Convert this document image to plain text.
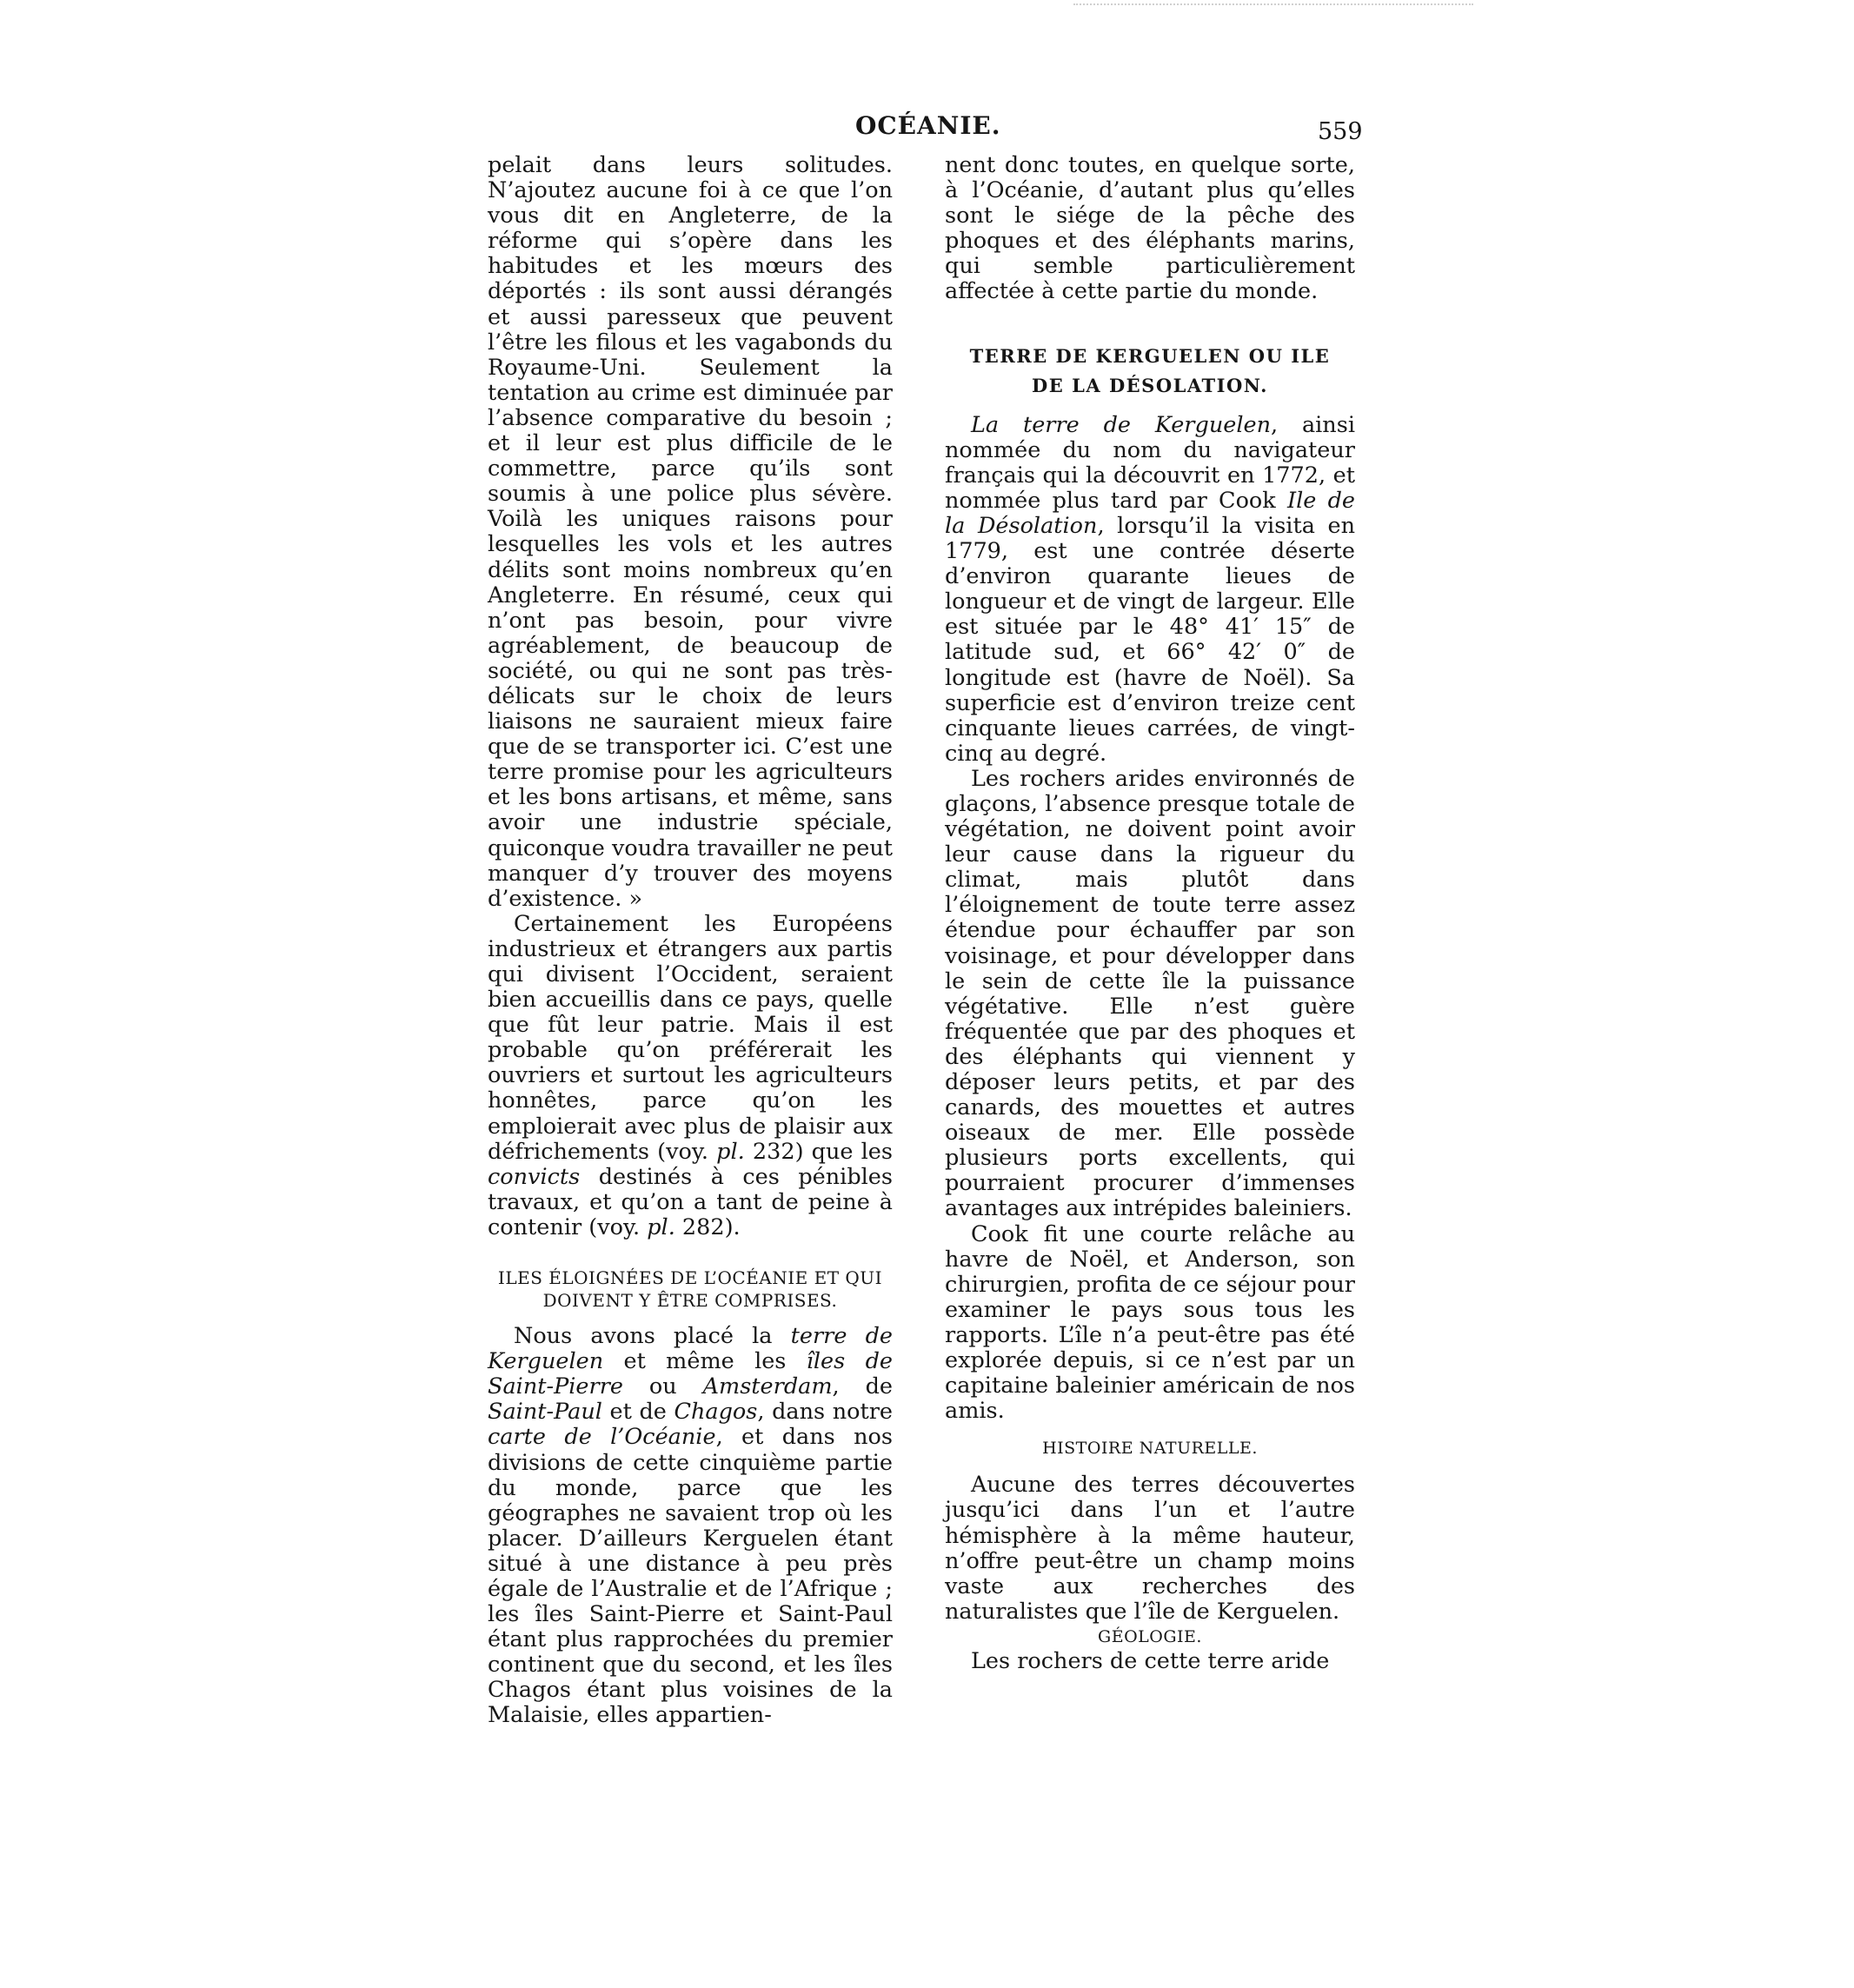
OCÉANIE.	559

pelait dans leurs solitudes. N’ajoutez aucune foi à ce que l’on vous dit en Angleterre, de la réforme qui s’opère dans les habitudes et les mœurs des déportés : ils sont aussi dérangés et aussi paresseux que peuvent l’être les filous et les vagabonds du Royaume-Uni. Seulement la tentation au crime est diminuée par l’absence comparative du besoin ; et il leur est plus difficile de le commettre, parce qu’ils sont soumis à une police plus sévère. Voilà les uniques raisons pour lesquelles les vols et les autres délits sont moins nombreux qu’en Angleterre. En résumé, ceux qui n’ont pas besoin, pour vivre agréablement, de beaucoup de société, ou qui ne sont pas très-délicats sur le choix de leurs liaisons ne sauraient mieux faire que de se transporter ici. C’est une terre promise pour les agriculteurs et les bons artisans, et même, sans avoir une industrie spéciale, quiconque voudra travailler ne peut manquer d’y trouver des moyens d’existence. »

Certainement les Européens industrieux et étrangers aux partis qui divisent l’Occident, seraient bien accueillis dans ce pays, quelle que fût leur patrie. Mais il est probable qu’on préférerait les ouvriers et surtout les agriculteurs honnêtes, parce qu’on les emploierait avec plus de plaisir aux défrichements (voy. pl. 232) que les convicts destinés à ces pénibles travaux, et qu’on a tant de peine à contenir (voy. pl. 282).

ILES ÉLOIGNÉES DE L’OCÉANIE ET QUI DOIVENT Y ÊTRE COMPRISES.

Nous avons placé la terre de Kerguelen et même les îles de Saint-Pierre ou Amsterdam, de Saint-Paul et de Chagos, dans notre carte de l’Océanie, et dans nos divisions de cette cinquième partie du monde, parce que les géographes ne savaient trop où les placer. D’ailleurs Kerguelen étant situé à une distance à peu près égale de l’Australie et de l’Afrique ; les îles Saint-Pierre et Saint-Paul étant plus rapprochées du premier continent que du second, et les îles Chagos étant plus voisines de la Malaisie, elles appartien-

nent donc toutes, en quelque sorte, à l’Océanie, d’autant plus qu’elles sont le siége de la pêche des phoques et des éléphants marins, qui semble particulièrement affectée à cette partie du monde.

TERRE DE KERGUELEN OU ILE
DE LA DÉSOLATION.

La terre de Kerguelen, ainsi nommée du nom du navigateur français qui la découvrit en 1772, et nommée plus tard par Cook Ile de la Désolation, lorsqu’il la visita en 1779, est une contrée déserte d’environ quarante lieues de longueur et de vingt de largeur. Elle est située par le 48° 41′ 15″ de latitude sud, et 66° 42′ 0″ de longitude est (havre de Noël). Sa superficie est d’environ treize cent cinquante lieues carrées, de vingt-cinq au degré.

Les rochers arides environnés de glaçons, l’absence presque totale de végétation, ne doivent point avoir leur cause dans la rigueur du climat, mais plutôt dans l’éloignement de toute terre assez étendue pour échauffer par son voisinage, et pour développer dans le sein de cette île la puissance végétative. Elle n’est guère fréquentée que par des phoques et des éléphants qui viennent y déposer leurs petits, et par des canards, des mouettes et autres oiseaux de mer. Elle possède plusieurs ports excellents, qui pourraient procurer d’immenses avantages aux intrépides baleiniers.

Cook fit une courte relâche au havre de Noël, et Anderson, son chirurgien, profita de ce séjour pour examiner le pays sous tous les rapports. L’île n’a peut-être pas été explorée depuis, si ce n’est par un capitaine baleinier américain de nos amis.

HISTOIRE NATURELLE.

Aucune des terres découvertes jusqu’ici dans l’un et l’autre hémisphère à la même hauteur, n’offre peut-être un champ moins vaste aux recherches des naturalistes que l’île de Kerguelen.

GÉOLOGIE.

Les rochers de cette terre aride
